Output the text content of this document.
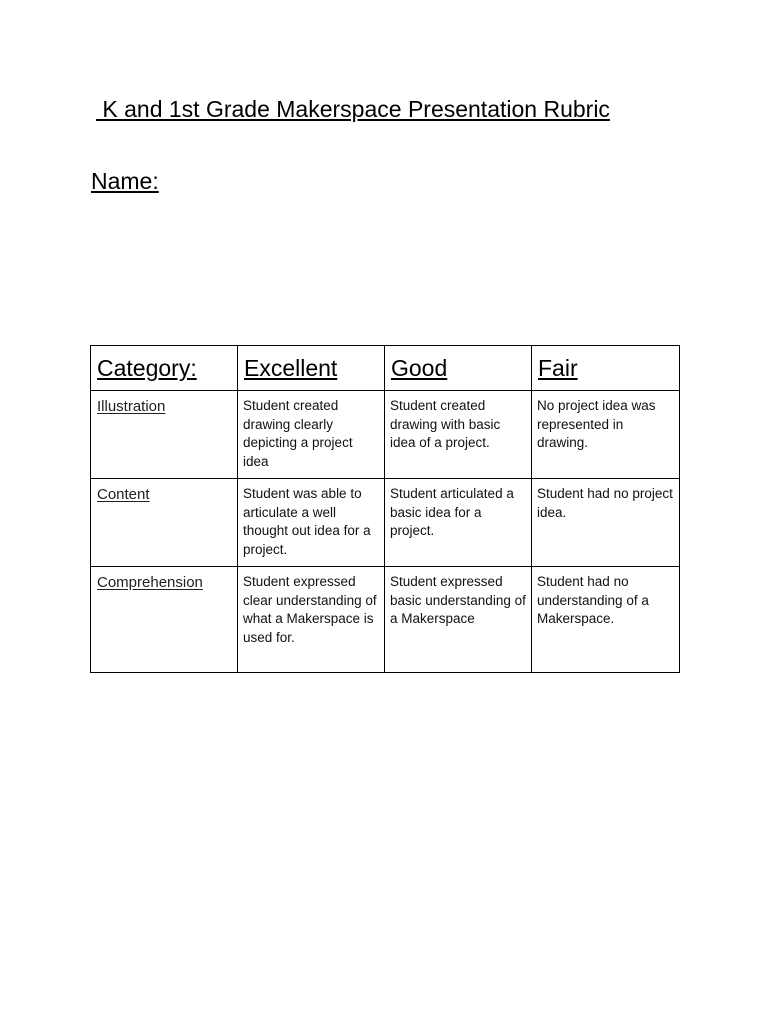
K and 1st Grade Makerspace Presentation Rubric
Name:
Category:	Excellent	Good	Fair

Illustration	Student created drawing clearly depicting a project idea	Student created drawing with basic idea of a project.	No project idea was represented in drawing.

Content	Student was able to articulate a well thought out idea for a project.	Student articulated a basic idea for a project.	Student had no project idea.

Comprehension	Student expressed clear understanding of what a Makerspace is used for.	Student expressed basic understanding of a Makerspace	Student had no understanding of a Makerspace.
